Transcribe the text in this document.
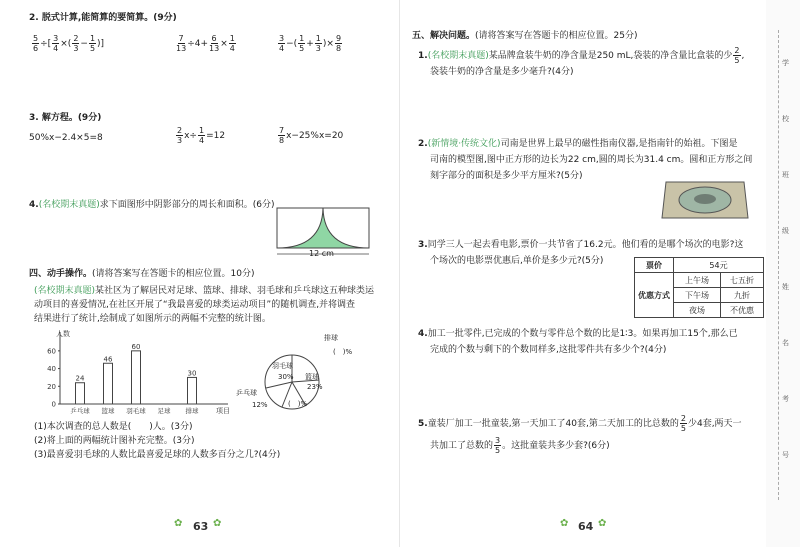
学
校
班
级
姓
名
考
号
2. 脱式计算,能简算的要简算。(9分)
$\frac{5}{6}$ ÷[ $\frac{3}{4}$ ×( $\frac{2}{3} - \frac{1}{5}$ )]	$\frac{7}{13} \div 4+ \frac{6}{13} \times \frac{1}{4}$	$\frac{3}{4}$ −( $\frac{1}{5} + \frac{1}{3}$ )× $\frac{9}{8}$
3. 解方程。(9分)
50%x−2.4×5=8	$\frac{2}{3} x\div \frac{1}{4} =12$	$\frac{7}{8} x-25\%x=20$
4.(名校期末真题)求下面图形中阴影部分的周长和面积。(6分)
12 cm
四、动手操作。(请将答案写在答题卡的相应位置。10分)
(名校期末真题)某社区为了解居民对足球、篮球、排球、羽毛球和乒乓球这五种球类运
动项目的喜爱情况,在社区开展了“我最喜爱的球类运动项目”的随机调查,并将调查
结果进行了统计,绘制成了如图所示的两幅不完整的统计图。
人数
项目
0
20
40
60
乒乓球
24
篮球
46
羽毛球
60
足球 排球
30
排球
(　)%
羽毛球
30% 篮球
23%
乒乓球
12%	(　)%
(1)本次调查的总人数是(　　)人。(3分)
(2)将上面的两幅统计图补充完整。(3分)
(3)最喜爱羽毛球的人数比最喜爱足球的人数多百分之几?(4分)
✿ 63 ✿
五、解决问题。(请将答案写在答题卡的相应位置。25分)
1.(名校期末真题)某品牌盒装牛奶的净含量是250 mL,袋装的净含量比盒装的少 $\frac{2}{5}$ ,
袋装牛奶的净含量是多少毫升?(4分)
2.(新情境·传统文化)司南是世界上最早的磁性指南仪器,是指南针的始祖。下图是
司南的模型图,图中正方形的边长为22 cm,圆的周长为31.4 cm。圆和正方形之间
刻字部分的面积是多少平方厘米?(5分)
3.同学三人一起去看电影,票价一共节省了16.2元。他们看的是哪个场次的电影?这
个场次的电影票优惠后,单价是多少元?(5分)	票价	54元	
优惠方式	上午场	七五折
	下午场	九折
	夜场	不优惠
4.加工一批零件,已完成的个数与零件总个数的比是1∶3。如果再加工15个,那么已
完成的个数与剩下的个数同样多,这批零件共有多少个?(4分)
5.童装厂加工一批童装,第一天加工了40套,第二天加工的比总数的 $\frac{2}{5}$ 少4套,两天一
共加工了总数的 $\frac{3}{5}$ 。这批童装共多少套?(6分)
✿ 64 ✿
